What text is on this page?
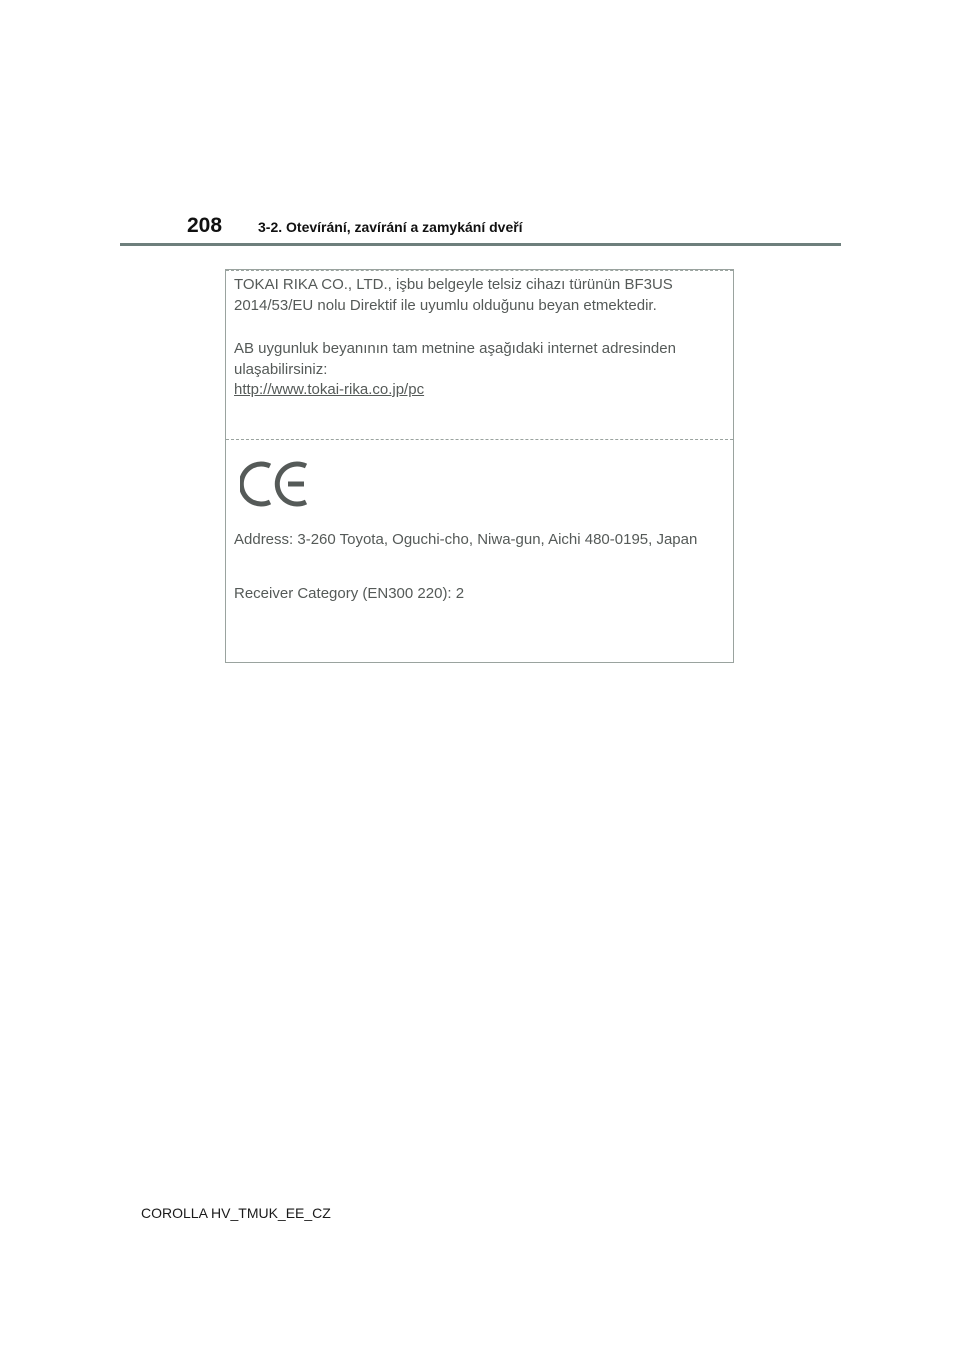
208	3-2. Otevírání, zavírání a zamykání dveří
TOKAI RIKA CO., LTD., işbu belgeyle telsiz cihazı türünün BF3US
2014/53/EU nolu Direktif ile uyumlu olduğunu beyan etmektedir.
AB uygunluk beyanının tam metnine aşağıdaki internet adresinden
ulaşabilirsiniz:
http://www.tokai-rika.co.jp/pc
Address: 3-260 Toyota, Oguchi-cho, Niwa-gun, Aichi 480-0195, Japan
Receiver Category (EN300 220): 2
COROLLA HV_TMUK_EE_CZ
